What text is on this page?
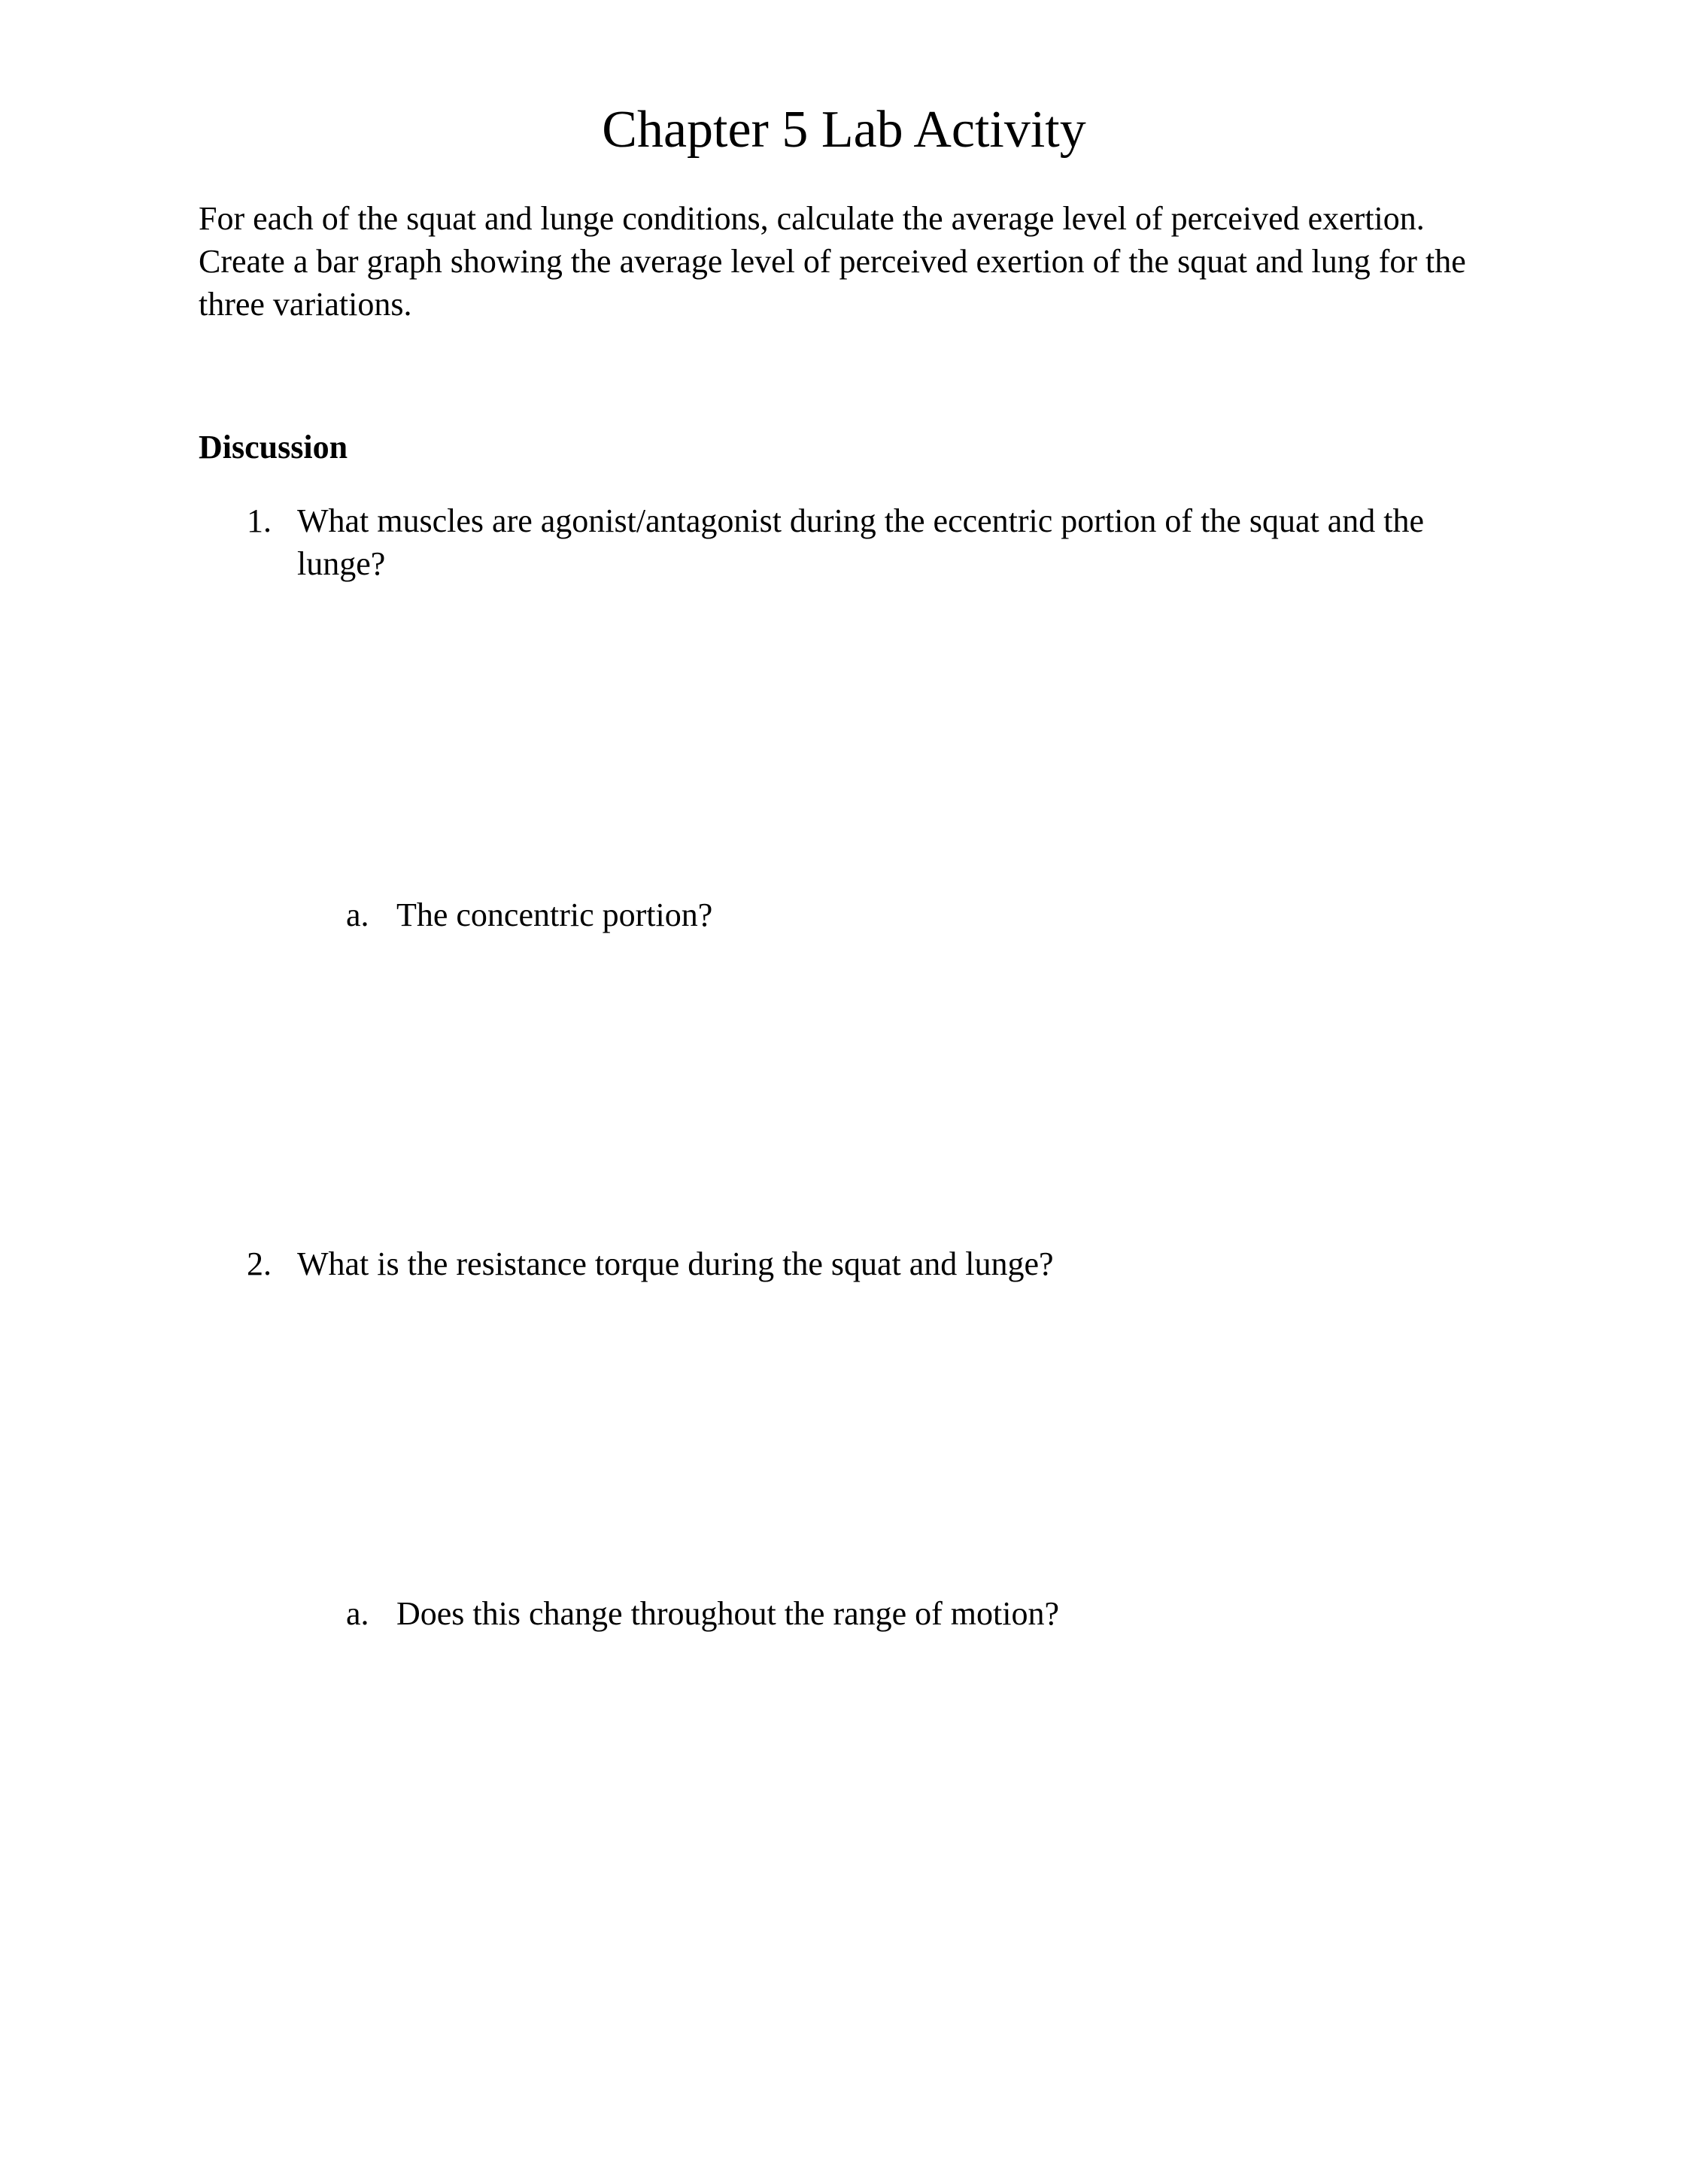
Chapter 5 Lab Activity
For each of the squat and lunge conditions, calculate the average level of perceived exertion.
Create a bar graph showing the average level of perceived exertion of the squat and lung for the
three variations.
Discussion
1. What muscles are agonist/antagonist during the eccentric portion of the squat and the
lunge?
a. The concentric portion?
2. What is the resistance torque during the squat and lunge?
a. Does this change throughout the range of motion?
